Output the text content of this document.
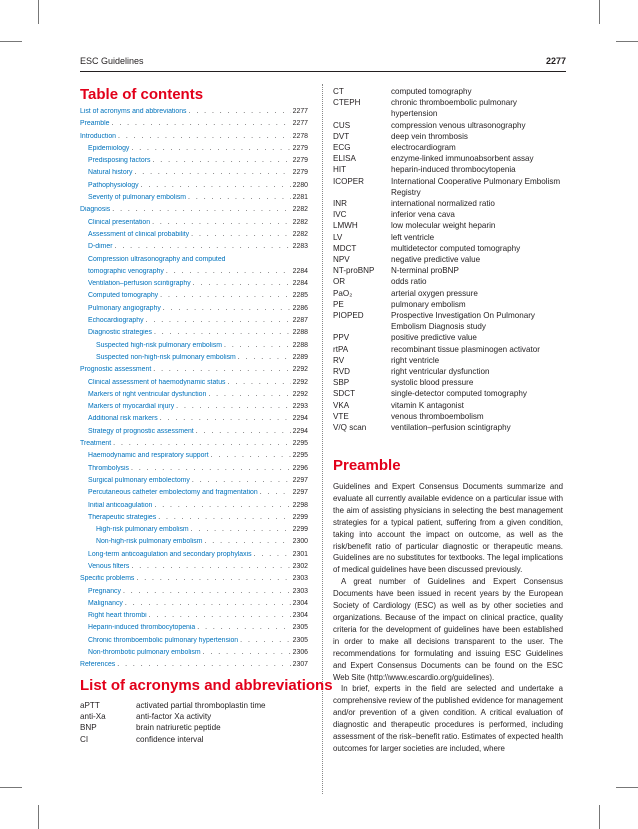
ESC Guidelines	2277
Table of contents
List of acronyms and abbreviations . . .	2277
Preamble . . .	2277
Introduction . . .	2278
Epidemiology . . .	2279
Predisposing factors . . .	2279
Natural history . . .	2279
Pathophysiology . . .	2280
Severity of pulmonary embolism . . .	2281
Diagnosis . . .	2282
Clinical presentation . . .	2282
Assessment of clinical probability . . .	2282
D-dimer . . .	2283
Compression ultrasonography and computed
tomographic venography . . .	2284
Ventilation–perfusion scintigraphy . . .	2284
Computed tomography . . .	2285
Pulmonary angiography . . .	2286
Echocardiography . . .	2287
Diagnostic strategies . . .	2288
Suspected high-risk pulmonary embolism . . .	2288
Suspected non-high-risk pulmonary embolism . . .	2289
Prognostic assessment . . .	2292
Clinical assessment of haemodynamic status . . .	2292
Markers of right ventricular dysfunction . . .	2292
Markers of myocardial injury . . .	2293
Additional risk markers . . .	2294
Strategy of prognostic assessment . . .	2294
Treatment . . .	2295
Haemodynamic and respiratory support . . .	2295
Thrombolysis . . .	2296
Surgical pulmonary embolectomy . . .	2297
Percutaneous catheter embolectomy and fragmentation . . .	2297
Initial anticoagulation . . .	2298
Therapeutic strategies . . .	2299
High-risk pulmonary embolism . . .	2299
Non-high-risk pulmonary embolism . . .	2300
Long-term anticoagulation and secondary prophylaxis . . .	2301
Venous filters . . .	2302
Specific problems . . .	2303
Pregnancy . . .	2303
Malignancy . . .	2304
Right heart thrombi . . .	2304
Heparin-induced thrombocytopenia . . .	2305
Chronic thromboembolic pulmonary hypertension . . .	2305
Non-thrombotic pulmonary embolism . . .	2306
References . . .	2307
List of acronyms and abbreviations
aPTT	activated partial thromboplastin time
anti-Xa	anti-factor Xa activity
BNP	brain natriuretic peptide
CI	confidence interval
CT	computed tomography
CTEPH	chronic thromboembolic pulmonary hypertension
CUS	compression venous ultrasonography
DVT	deep vein thrombosis
ECG	electrocardiogram
ELISA	enzyme-linked immunoabsorbent assay
HIT	heparin-induced thrombocytopenia
ICOPER	International Cooperative Pulmonary Embolism Registry
INR	international normalized ratio
IVC	inferior vena cava
LMWH	low molecular weight heparin
LV	left ventricle
MDCT	multidetector computed tomography
NPV	negative predictive value
NT-proBNP	N-terminal proBNP
OR	odds ratio
PaO₂	arterial oxygen pressure
PE	pulmonary embolism
PIOPED	Prospective Investigation On Pulmonary Embolism Diagnosis study
PPV	positive predictive value
rtPA	recombinant tissue plasminogen activator
RV	right ventricle
RVD	right ventricular dysfunction
SBP	systolic blood pressure
SDCT	single-detector computed tomography
VKA	vitamin K antagonist
VTE	venous thromboembolism
V/Q scan	ventilation–perfusion scintigraphy
Preamble

Guidelines and Expert Consensus Documents summarize and evaluate all currently available evidence on a particular issue with the aim of assisting physicians in selecting the best management strategies for a typical patient, suffering from a given condition, taking into account the impact on outcome, as well as the risk/benefit ratio of particular diagnostic or therapeutic means. Guidelines are no substitutes for textbooks. The legal implications of medical guidelines have been discussed previously.

A great number of Guidelines and Expert Consensus Documents have been issued in recent years by the European Society of Cardiology (ESC) as well as by other societies and organizations. Because of the impact on clinical practice, quality criteria for the development of guidelines have been established in order to make all decisions transparent to the user. The recommendations for formulating and issuing ESC Guidelines and Expert Consensus Documents can be found on the ESC Web Site (http:\\www.escardio.org/guidelines).

In brief, experts in the field are selected and undertake a comprehensive review of the published evidence for management and/or prevention of a given condition. A critical evaluation of diagnostic and therapeutic procedures is performed, including assessment of the risk–benefit ratio. Estimates of expected health outcomes for larger societies are included, where
